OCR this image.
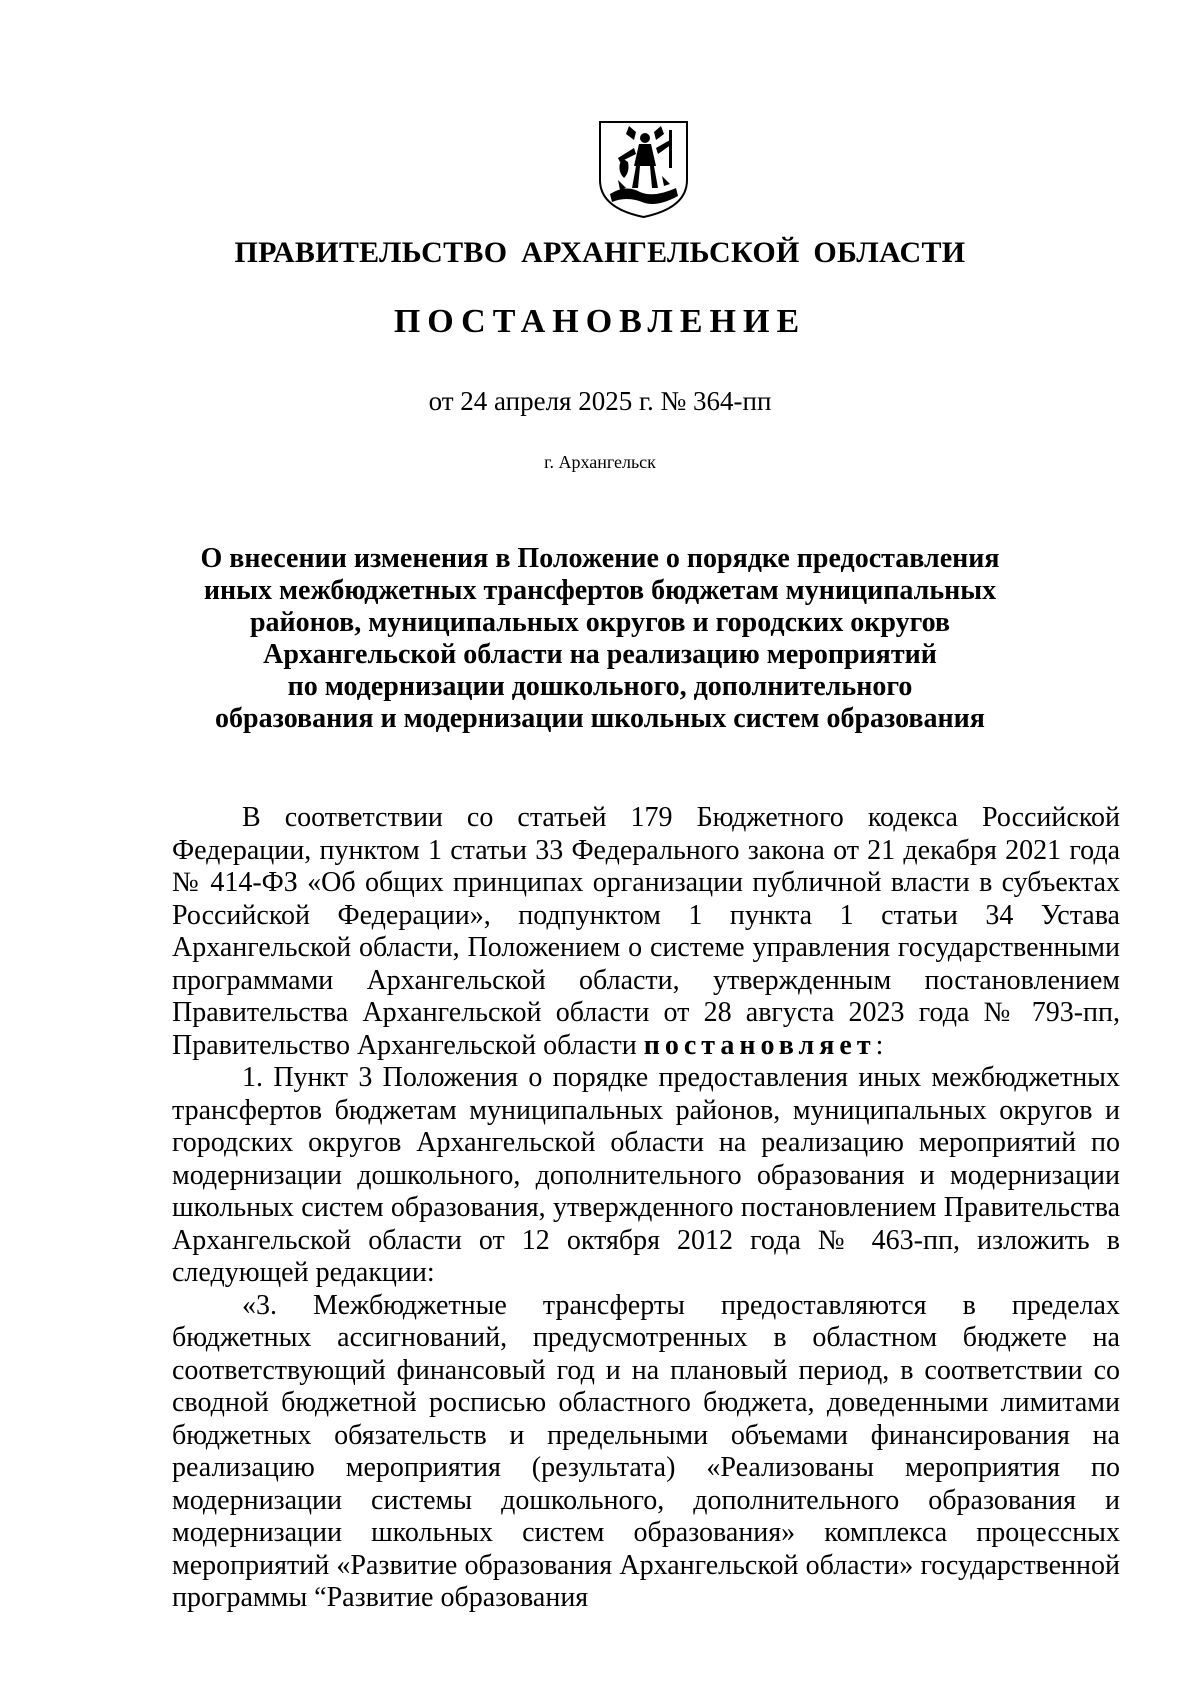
ПРАВИТЕЛЬСТВО АРХАНГЕЛЬСКОЙ ОБЛАСТИ
ПОСТАНОВЛЕНИЕ
от 24 апреля 2025 г. № 364-пп
г. Архангельск
О внесении изменения в Положение о порядке предоставления
иных межбюджетных трансфертов бюджетам муниципальных
районов, муниципальных округов и городских округов
Архангельской области на реализацию мероприятий
по модернизации дошкольного, дополнительного
образования и модернизации школьных систем образования

В соответствии со статьей 179 Бюджетного кодекса Российской Федерации, пунктом 1 статьи 33 Федерального закона от 21 декабря 2021 года № 414-ФЗ «Об общих принципах организации публичной власти в субъектах Российской Федерации», подпунктом 1 пункта 1 статьи 34 Устава Архангельской области, Положением о системе управления государственными программами Архангельской области, утвержденным постановлением Правительства Архангельской области от 28 августа 2023 года № 793-пп, Правительство Архангельской области постановляет:

1. Пункт 3 Положения о порядке предоставления иных межбюджетных трансфертов бюджетам муниципальных районов, муниципальных округов и городских округов Архангельской области на реализацию мероприятий по модернизации дошкольного, дополнительного образования и модернизации школьных систем образования, утвержденного постановлением Правительства Архангельской области от 12 октября 2012 года № 463-пп, изложить в следующей редакции:

«3. Межбюджетные трансферты предоставляются в пределах бюджетных ассигнований, предусмотренных в областном бюджете на соответствующий финансовый год и на плановый период, в соответствии со сводной бюджетной росписью областного бюджета, доведенными лимитами бюджетных обязательств и предельными объемами финансирования на реализацию мероприятия (результата) «Реализованы мероприятия по модернизации системы дошкольного, дополнительного образования и модернизации школьных систем образования» комплекса процессных мероприятий «Развитие образования Архангельской области» государственной программы “Развитие образования
